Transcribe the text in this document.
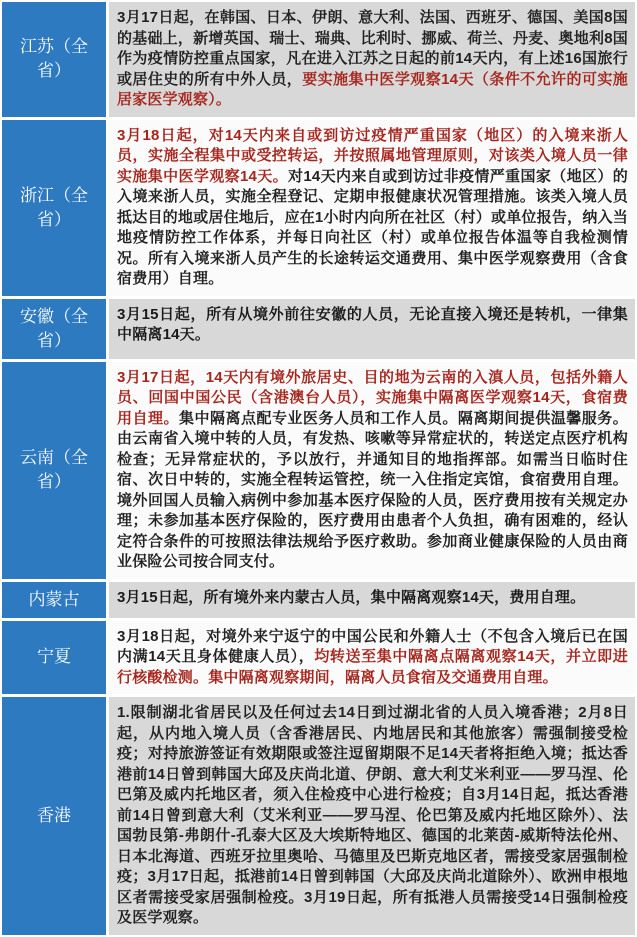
江苏（全省）
3月17日起，在韩国、日本、伊朗、意大利、法国、西班牙、德国、美国8国的基础上，新增英国、瑞士、瑞典、比利时、挪威、荷兰、丹麦、奥地利8国作为疫情防控重点国家，凡在进入江苏之日起的前14天内，有上述16国旅行或居住史的所有中外人员，要实施集中医学观察14天（条件不允许的可实施居家医学观察）。
浙江（全省）
3月18日起，对14天内来自或到访过疫情严重国家（地区）的入境来浙人员，实施全程集中或受控转运，并按照属地管理原则，对该类入境人员一律实施集中医学观察14天。对14天内来自或到访过非疫情严重国家（地区）的入境来浙人员，实施全程登记、定期申报健康状况管理措施。该类入境人员抵达目的地或居住地后，应在1小时内向所在社区（村）或单位报告，纳入当地疫情防控工作体系，并每日向社区（村）或单位报告体温等自我检测情况。所有入境来浙人员产生的长途转运交通费用、集中医学观察费用（含食宿费用）自理。
安徽（全省）
3月15日起，所有从境外前往安徽的人员，无论直接入境还是转机，一律集中隔离14天。
云南（全省）
3月17日起，14天内有境外旅居史、目的地为云南的入滇人员，包括外籍人员、回国中国公民（含港澳台人员），实施集中隔离医学观察14天，食宿费用自理。集中隔离点配专业医务人员和工作人员。隔离期间提供温馨服务。由云南省入境中转的人员，有发热、咳嗽等异常症状的，转送定点医疗机构检查；无异常症状的，予以放行，并通知目的地指挥部。如需当日临时住宿、次日中转的，实施全程转运管控，统一入住指定宾馆，食宿费用自理。境外回国人员输入病例中参加基本医疗保险的人员，医疗费用按有关规定办理；未参加基本医疗保险的，医疗费用由患者个人负担，确有困难的，经认定符合条件的可按照法律法规给予医疗救助。参加商业健康保险的人员由商业保险公司按合同支付。
内蒙古	3月15日起，所有境外来内蒙古人员，集中隔离观察14天，费用自理。
宁夏
3月18日起，对境外来宁返宁的中国公民和外籍人士（不包含入境后已在国内满14天且身体健康人员），均转送至集中隔离点隔离观察14天，并立即进行核酸检测。集中隔离观察期间，隔离人员食宿及交通费用自理。
香港
1.限制湖北省居民以及任何过去14日到过湖北省的人员入境香港；2月8日起，从内地入境人员（含香港居民、内地居民和其他旅客）需强制接受检疫；对持旅游签证有效期限或签注逗留期限不足14天者将拒绝入境；抵达香港前14日曾到韩国大邱及庆尚北道、伊朗、意大利艾米利亚——罗马涅、伦巴第及威内托地区者，须入住检疫中心进行检疫；自3月14日起，抵达香港前14日曾到意大利（艾米利亚——罗马涅、伦巴第及威内托地区除外）、法国勃艮第-弗朗什-孔泰大区及大埃斯特地区、德国的北莱茵-威斯特法伦州、日本北海道、西班牙拉里奥哈、马德里及巴斯克地区者，需接受家居强制检疫；3月17日起，抵港前14日曾到韩国（大邱及庆尚北道除外）、欧洲申根地区者需接受家居强制检疫。3月19日起，所有抵港人员需接受14日强制检疫及医学观察。
